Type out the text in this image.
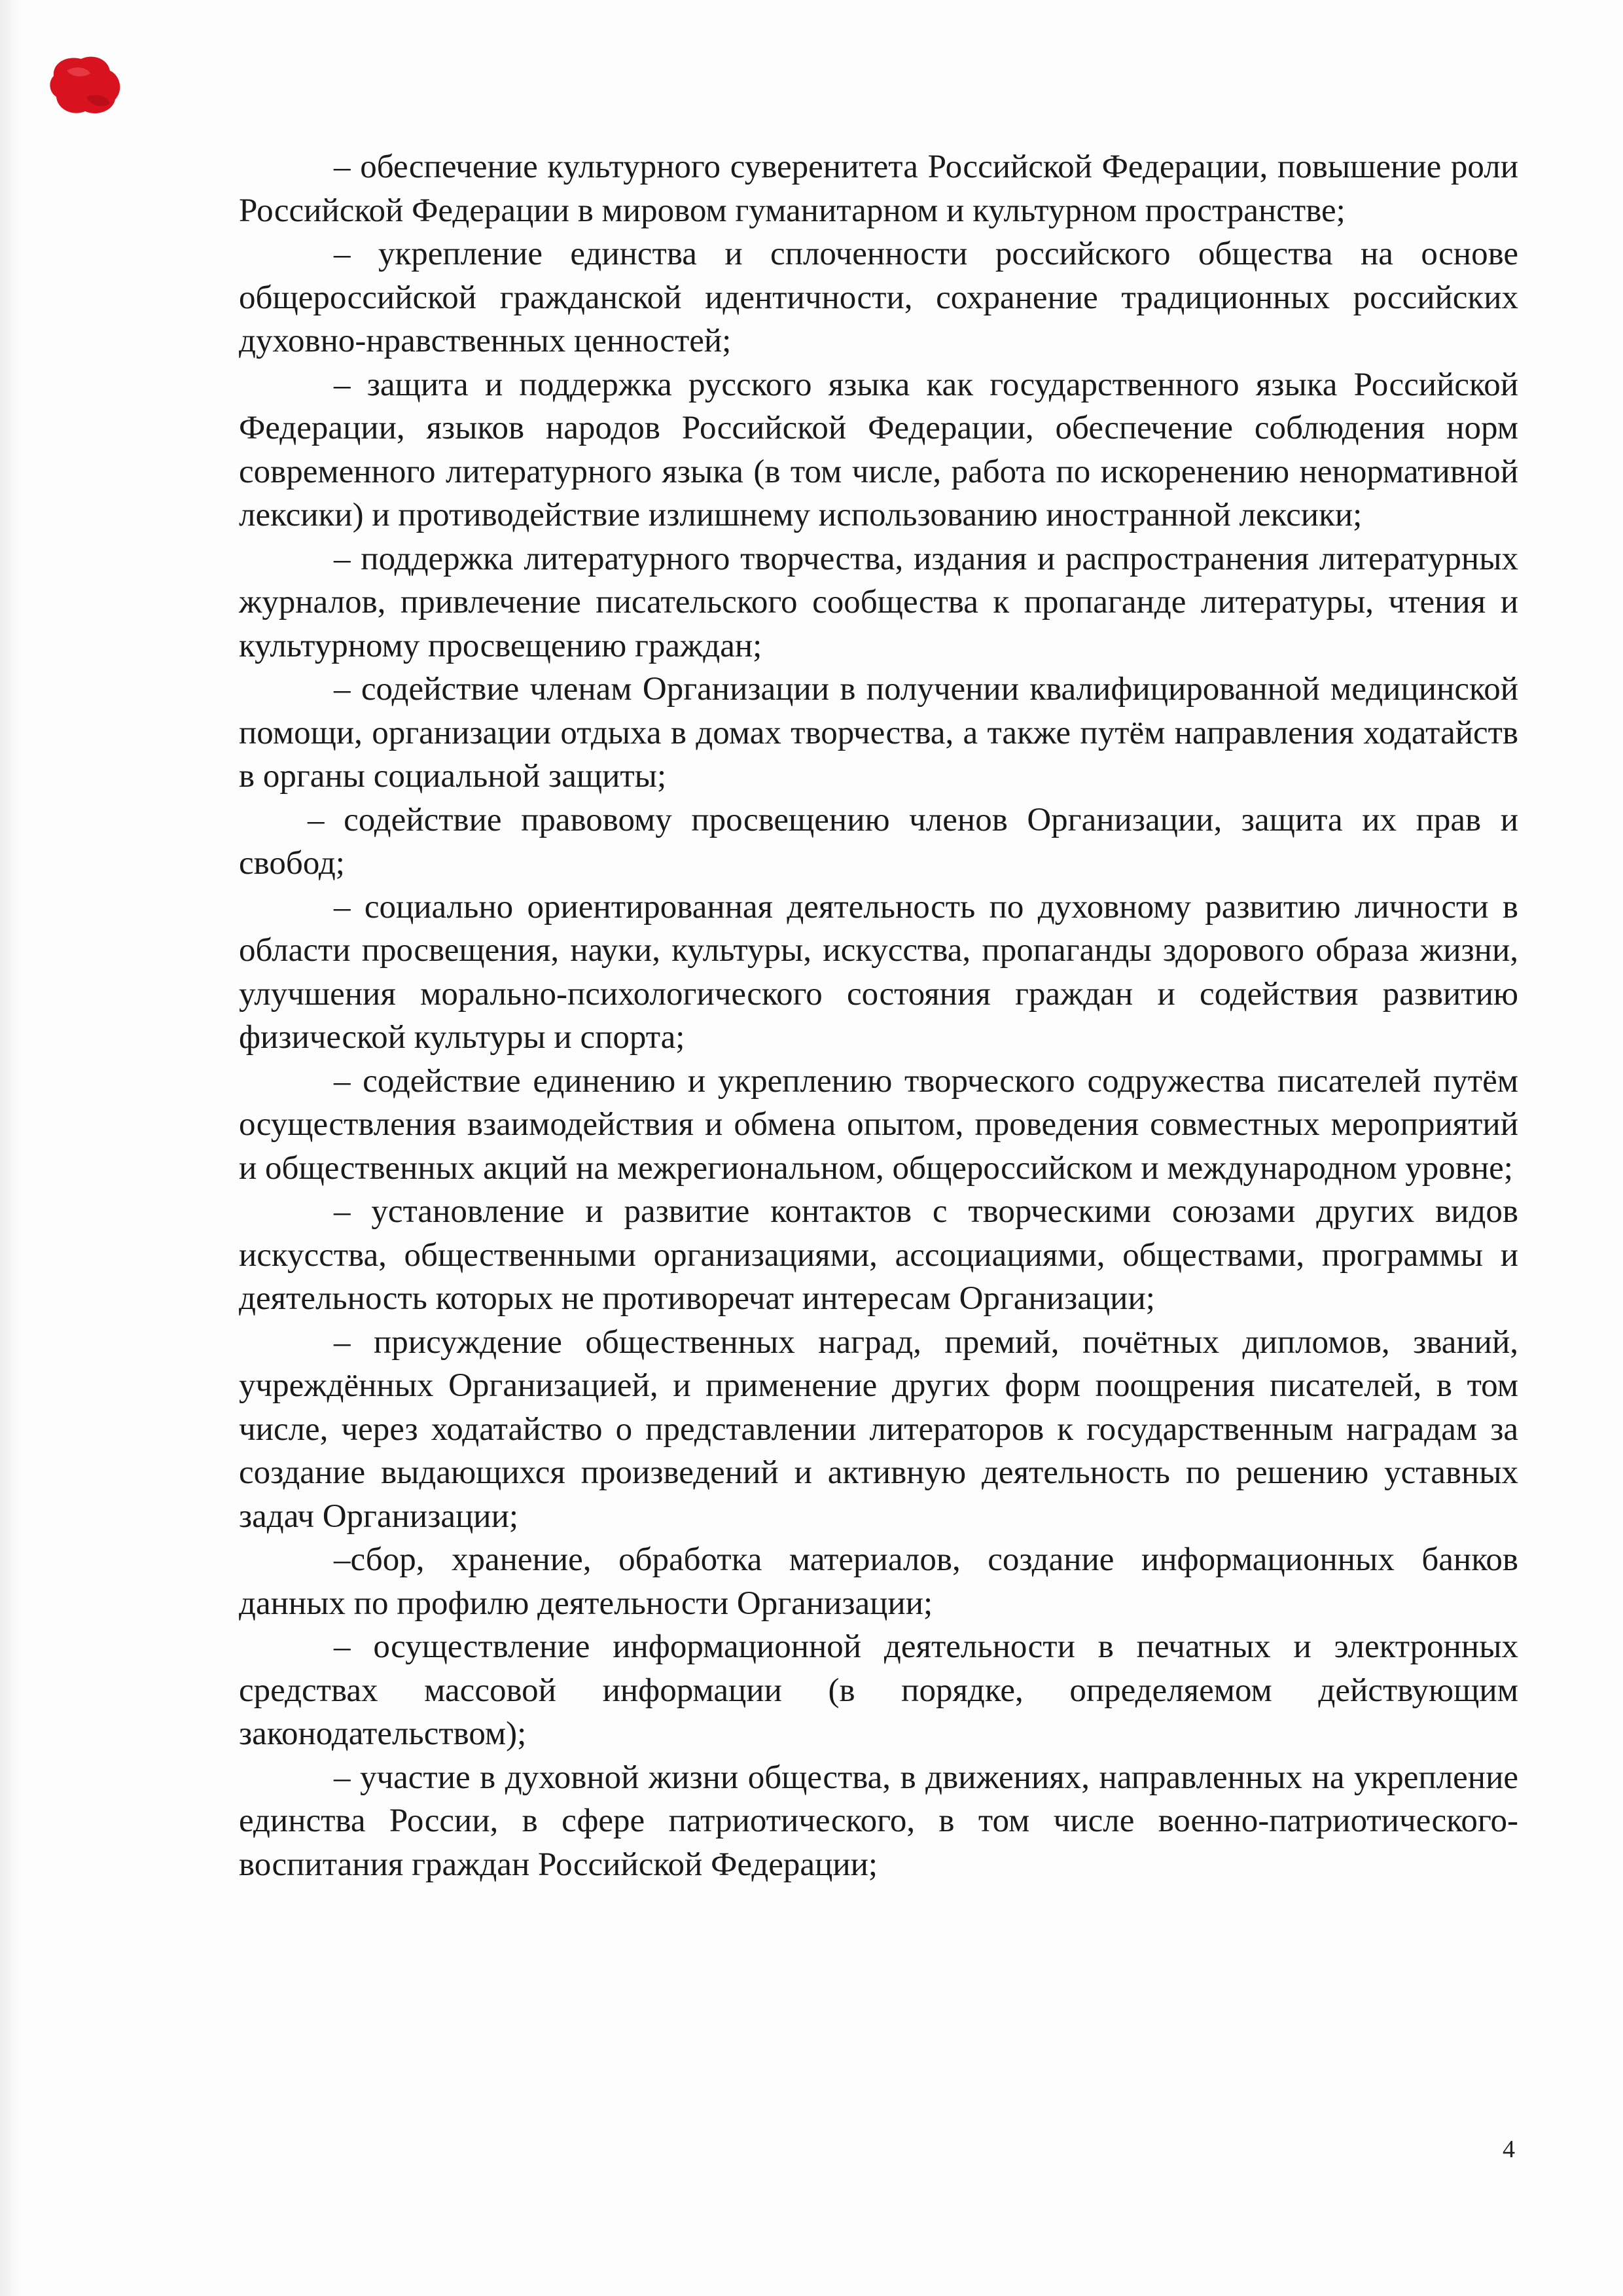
– обеспечение культурного суверенитета Российской Федерации, повышение роли Российской Федерации в мировом гуманитарном и культурном пространстве;

– укрепление единства и сплоченности российского общества на основе общероссийской гражданской идентичности, сохранение традиционных российских духовно-нравственных ценностей;

– защита и поддержка русского языка как государственного языка Российской Федерации, языков народов Российской Федерации, обеспечение соблюдения норм современного литературного языка (в том числе, работа по искоренению ненормативной лексики) и противодействие излишнему использованию иностранной лексики;

– поддержка литературного творчества, издания и распространения литературных журналов, привлечение писательского сообщества к пропаганде литературы, чтения и культурному просвещению граждан;

– содействие членам Организации в получении квалифицированной медицинской помощи, организации отдыха в домах творчества, а также путём направления ходатайств в органы социальной защиты;

– содействие правовому просвещению членов Организации, защита их прав и свобод;

– социально ориентированная деятельность по духовному развитию личности в области просвещения, науки, культуры, искусства, пропаганды здорового образа жизни, улучшения морально-психологического состояния граждан и содействия развитию физической культуры и спорта;

– содействие единению и укреплению творческого содружества писателей путём осуществления взаимодействия и обмена опытом, проведения совместных мероприятий и общественных акций на межрегиональном, общероссийском и международном уровне;

– установление и развитие контактов с творческими союзами других видов искусства, общественными организациями, ассоциациями, обществами, программы и деятельность которых не противоречат интересам Организации;

– присуждение общественных наград, премий, почётных дипломов, званий, учреждённых Организацией, и применение других форм поощрения писателей, в том числе, через ходатайство о представлении литераторов к государственным наградам за создание выдающихся произведений и активную деятельность по решению уставных задач Организации;

–сбор, хранение, обработка материалов, создание информационных банков данных по профилю деятельности Организации;

– осуществление информационной деятельности в печатных и электронных средствах массовой информации (в порядке, определяемом действующим законодательством);

– участие в духовной жизни общества, в движениях, направленных на укрепление единства России, в сфере патриотического, в том числе военно-патриотического-воспитания граждан Российской Федерации;

4
